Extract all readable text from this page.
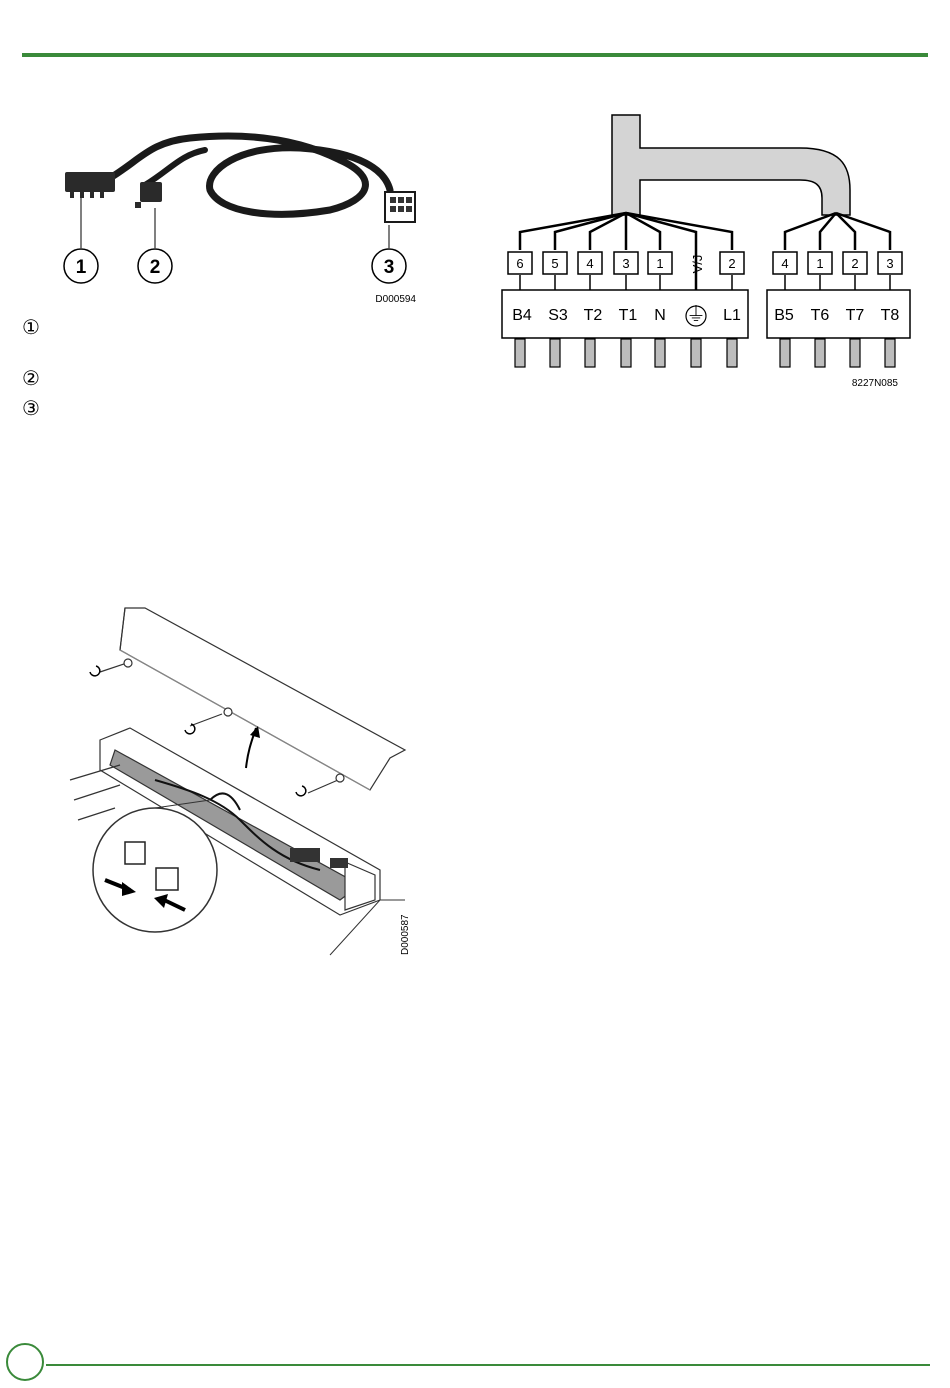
1	2	3
D000594
①
②
③
6 5 4 3 1 V/J 2	4 1 2 3
B4 S3 T2 T1 N ⏚ L1 B5 T6 T7 T8
8227N085
D000587
